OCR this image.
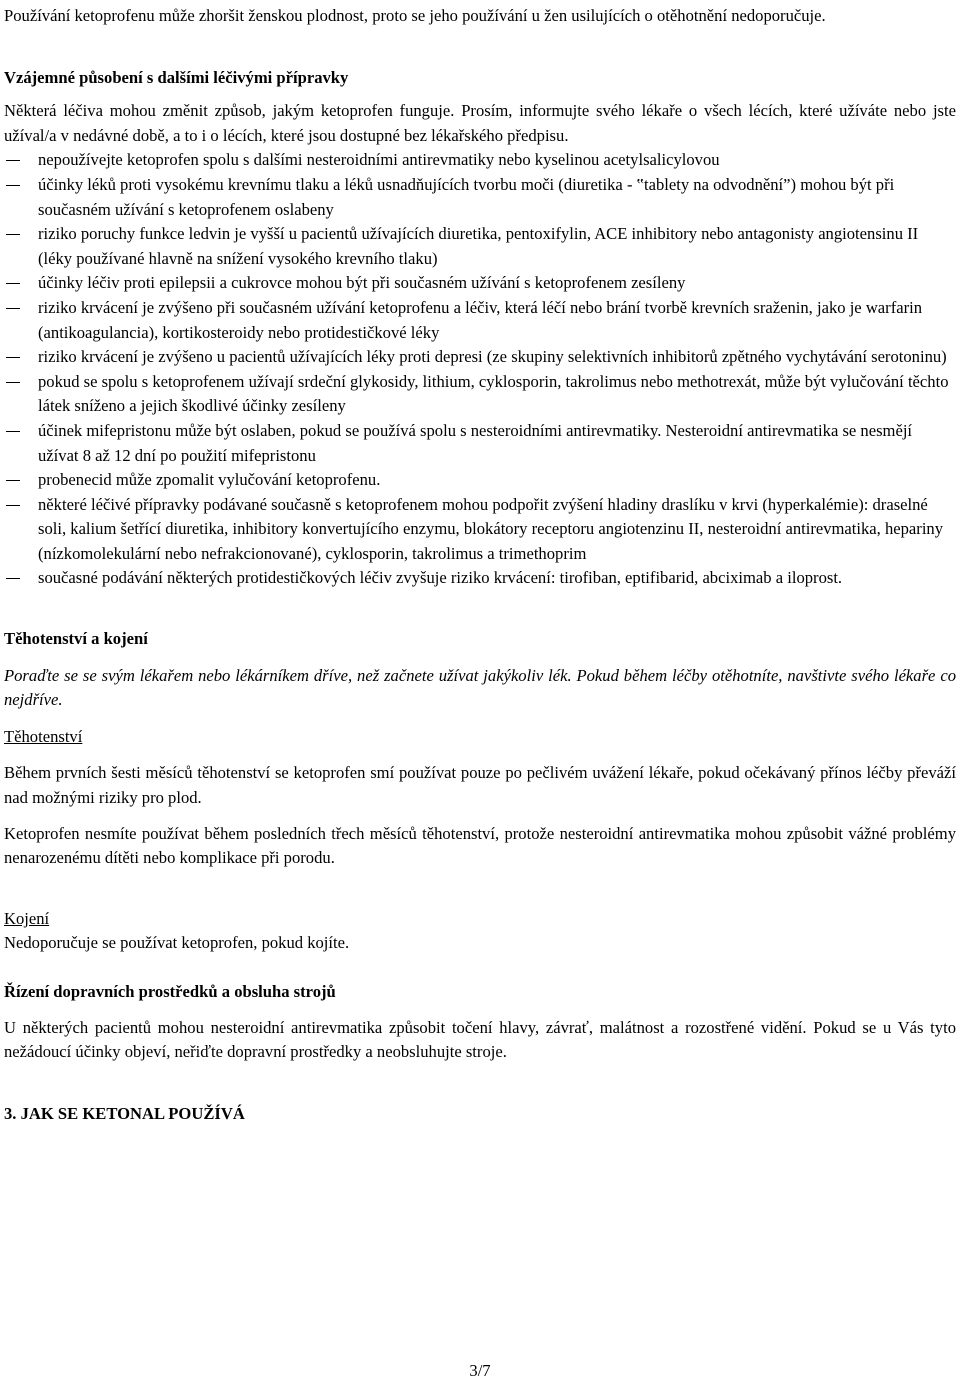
Používání ketoprofenu může zhoršit ženskou plodnost, proto se jeho používání u žen usilujících o otěhotnění nedoporučuje.

Vzájemné působení s dalšími léčivými přípravky

Některá léčiva mohou změnit způsob, jakým ketoprofen funguje. Prosím, informujte svého lékaře o všech lécích, které užíváte nebo jste užíval/a v nedávné době, a to i o lécích, které jsou dostupné bez lékařského předpisu.

nepoužívejte ketoprofen spolu s dalšími nesteroidními antirevmatiky nebo kyselinou acetylsalicylovou
účinky léků proti vysokému krevnímu tlaku a léků usnadňujících tvorbu moči (diuretika - ‟tablety na odvodnění”) mohou být při současném užívání s ketoprofenem oslabeny
riziko poruchy funkce ledvin je vyšší u pacientů užívajících diuretika, pentoxifylin, ACE inhibitory nebo antagonisty angiotensinu II (léky používané hlavně na snížení vysokého krevního tlaku)
účinky léčiv proti epilepsii a cukrovce mohou být při současném užívání s ketoprofenem zesíleny
riziko krvácení je zvýšeno při současném užívání ketoprofenu a léčiv, která léčí nebo brání tvorbě krevních sraženin, jako je warfarin (antikoagulancia), kortikosteroidy nebo protidestičkové léky
riziko krvácení je zvýšeno u pacientů užívajících léky proti depresi (ze skupiny selektivních inhibitorů zpětného vychytávání serotoninu)
pokud se spolu s ketoprofenem užívají srdeční glykosidy, lithium, cyklosporin, takrolimus nebo methotrexát, může být vylučování těchto látek sníženo a jejich škodlivé účinky zesíleny
účinek mifepristonu může být oslaben, pokud se používá spolu s nesteroidními antirevmatiky. Nesteroidní antirevmatika se nesmějí užívat 8 až 12 dní po použití mifepristonu
probenecid může zpomalit vylučování ketoprofenu.
některé léčivé přípravky podávané současně s ketoprofenem mohou podpořit zvýšení hladiny draslíku v krvi (hyperkalémie): draselné soli, kalium šetřící diuretika, inhibitory konvertujícího enzymu, blokátory receptoru angiotenzinu II, nesteroidní antirevmatika, hepariny (nízkomolekulární nebo nefrakcionované), cyklosporin, takrolimus a trimethoprim
současné podávání některých protidestičkových léčiv zvyšuje riziko krvácení: tirofiban, eptifibarid, abciximab a iloprost.

Těhotenství a kojení

Poraďte se se svým lékařem nebo lékárníkem dříve, než začnete užívat jakýkoliv lék. Pokud během léčby otěhotníte, navštivte svého lékaře co nejdříve.

Těhotenství

Během prvních šesti měsíců těhotenství se ketoprofen smí používat pouze po pečlivém uvážení lékaře, pokud očekávaný přínos léčby převáží nad možnými riziky pro plod.

Ketoprofen nesmíte používat během posledních třech měsíců těhotenství, protože nesteroidní antirevmatika mohou způsobit vážné problémy nenarozenému dítěti nebo komplikace při porodu.

Kojení

Nedoporučuje se používat ketoprofen, pokud kojíte.

Řízení dopravních prostředků a obsluha strojů

U některých pacientů mohou nesteroidní antirevmatika způsobit točení hlavy, závrať, malátnost a rozostřené vidění. Pokud se u Vás tyto nežádoucí účinky objeví, neřiďte dopravní prostředky a neobsluhujte stroje.

3. JAK SE KETONAL POUŽÍVÁ

3/7
